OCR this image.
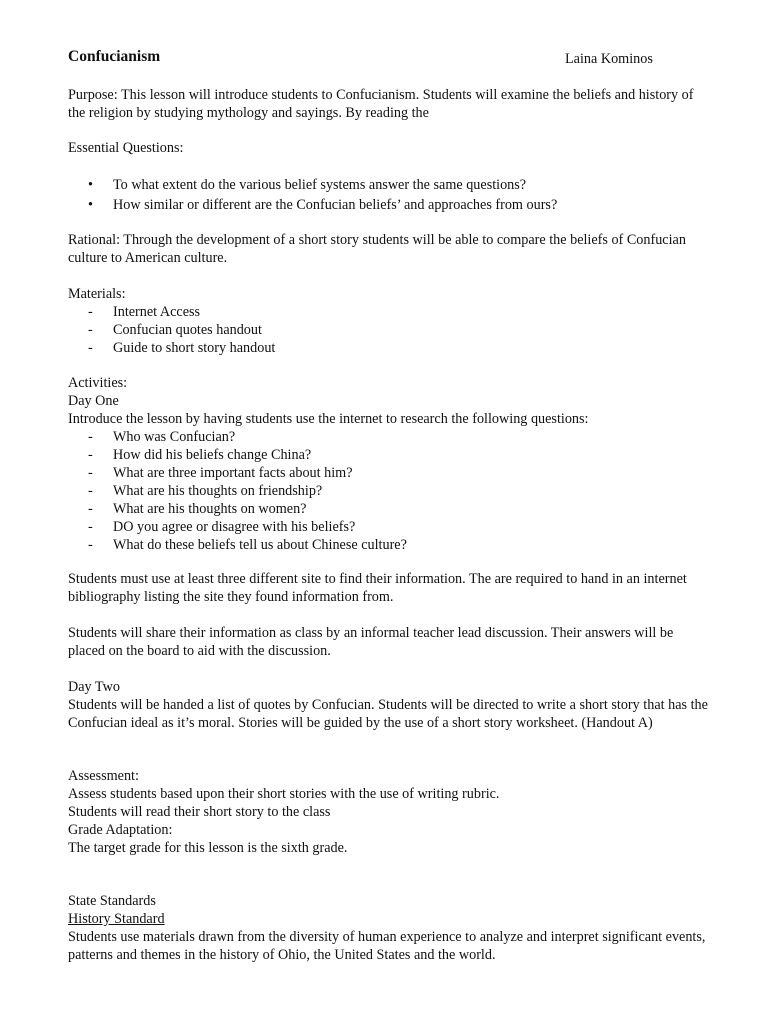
Confucianism	Laina Kominos

Purpose: This lesson will introduce students to Confucianism. Students will examine the beliefs and history of the religion by studying mythology and sayings. By reading the

Essential Questions:

• To what extent do the various belief systems answer the same questions?
• How similar or different are the Confucian beliefs’ and approaches from ours?

Rational: Through the development of a short story students will be able to compare the beliefs of Confucian culture to American culture.

Materials:

- Internet Access
- Confucian quotes handout
- Guide to short story handout

Activities:

Day One

Introduce the lesson by having students use the internet to research the following questions:

- Who was Confucian?
- How did his beliefs change China?
- What are three important facts about him?
- What are his thoughts on friendship?
- What are his thoughts on women?
- DO you agree or disagree with his beliefs?
- What do these beliefs tell us about Chinese culture?

Students must use at least three different site to find their information. The are required to hand in an internet bibliography listing the site they found information from.

Students will share their information as class by an informal teacher lead discussion. Their answers will be placed on the board to aid with the discussion.

Day Two

Students will be handed a list of quotes by Confucian. Students will be directed to write a short story that has the Confucian ideal as it’s moral. Stories will be guided by the use of a short story worksheet. (Handout A)

Assessment:

Assess students based upon their short stories with the use of writing rubric.

Students will read their short story to the class

Grade Adaptation:

The target grade for this lesson is the sixth grade.

State Standards

History Standard

Students use materials drawn from the diversity of human experience to analyze and interpret significant events, patterns and themes in the history of Ohio, the United States and the world.
